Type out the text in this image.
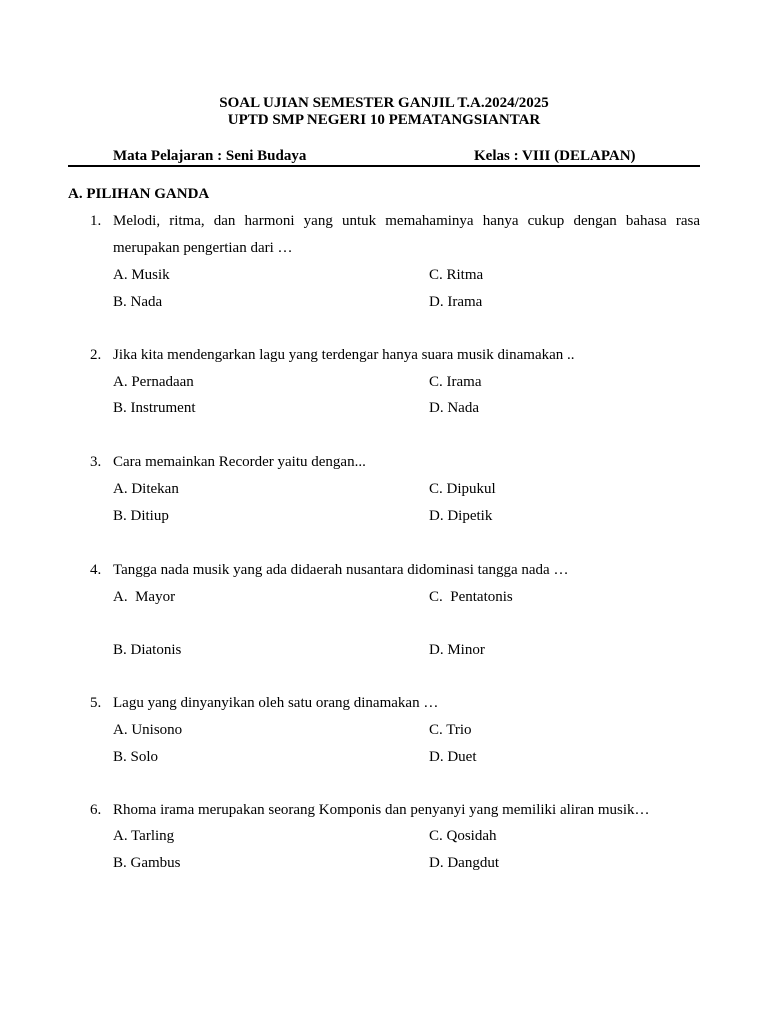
SOAL UJIAN SEMESTER GANJIL T.A.2024/2025
UPTD SMP NEGERI 10 PEMATANGSIANTAR
Mata Pelajaran : Seni Budaya	Kelas : VIII (DELAPAN)
A. PILIHAN GANDA
1. Melodi, ritma, dan harmoni yang untuk memahaminya hanya cukup dengan bahasa rasa merupakan pengertian dari …
A. Musik	C. Ritma
B. Nada	D. Irama
2. Jika kita mendengarkan lagu yang terdengar hanya suara musik dinamakan ..
A. Pernadaan	C. Irama
B. Instrument	D. Nada
3. Cara memainkan Recorder yaitu dengan...
A. Ditekan	C. Dipukul
B. Ditiup	D. Dipetik
4. Tangga nada musik yang ada didaerah nusantara didominasi tangga nada …
A.  Mayor	C.  Pentatonis
B. Diatonis	D. Minor
5. Lagu yang dinyanyikan oleh satu orang dinamakan …
A. Unisono	C. Trio
B. Solo	D. Duet
6. Rhoma irama merupakan seorang Komponis dan penyanyi yang memiliki aliran musik…
A. Tarling	C. Qosidah
B. Gambus	D. Dangdut
